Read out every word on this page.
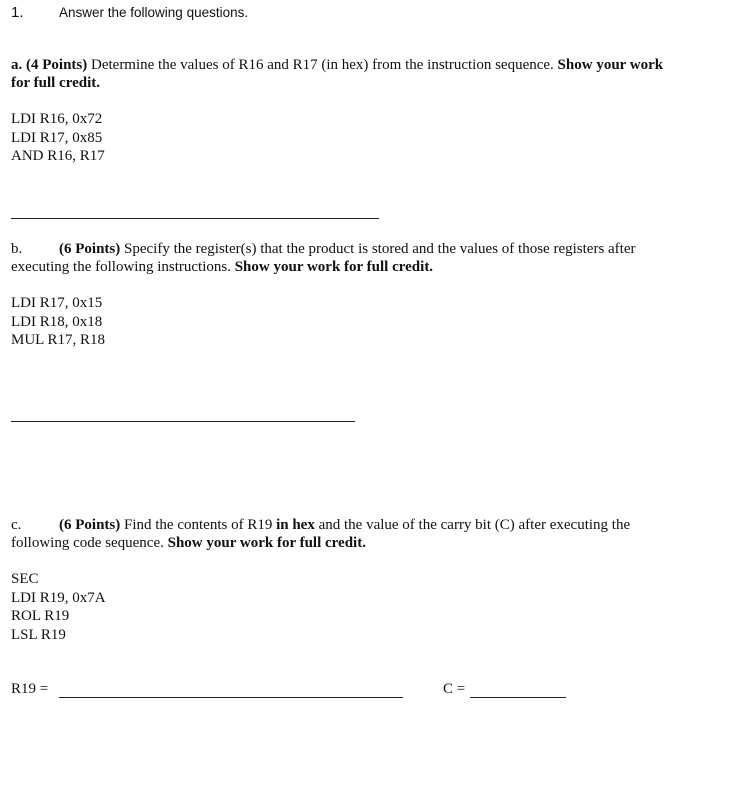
1.	Answer the following questions.
a. (4 Points) Determine the values of R16 and R17 (in hex) from the instruction sequence. Show your work
for full credit.
LDI R16, 0x72
LDI R17, 0x85
AND R16, R17
b. (6 Points) Specify the register(s) that the product is stored and the values of those registers after
executing the following instructions. Show your work for full credit.
LDI R17, 0x15
LDI R18, 0x18
MUL R17, R18
c.	(6 Points) Find the contents of R19 in hex and the value of the carry bit (C) after executing the
following code sequence. Show your work for full credit.
SEC
LDI R19, 0x7A
ROL R19
LSL R19
R19 =	C =
